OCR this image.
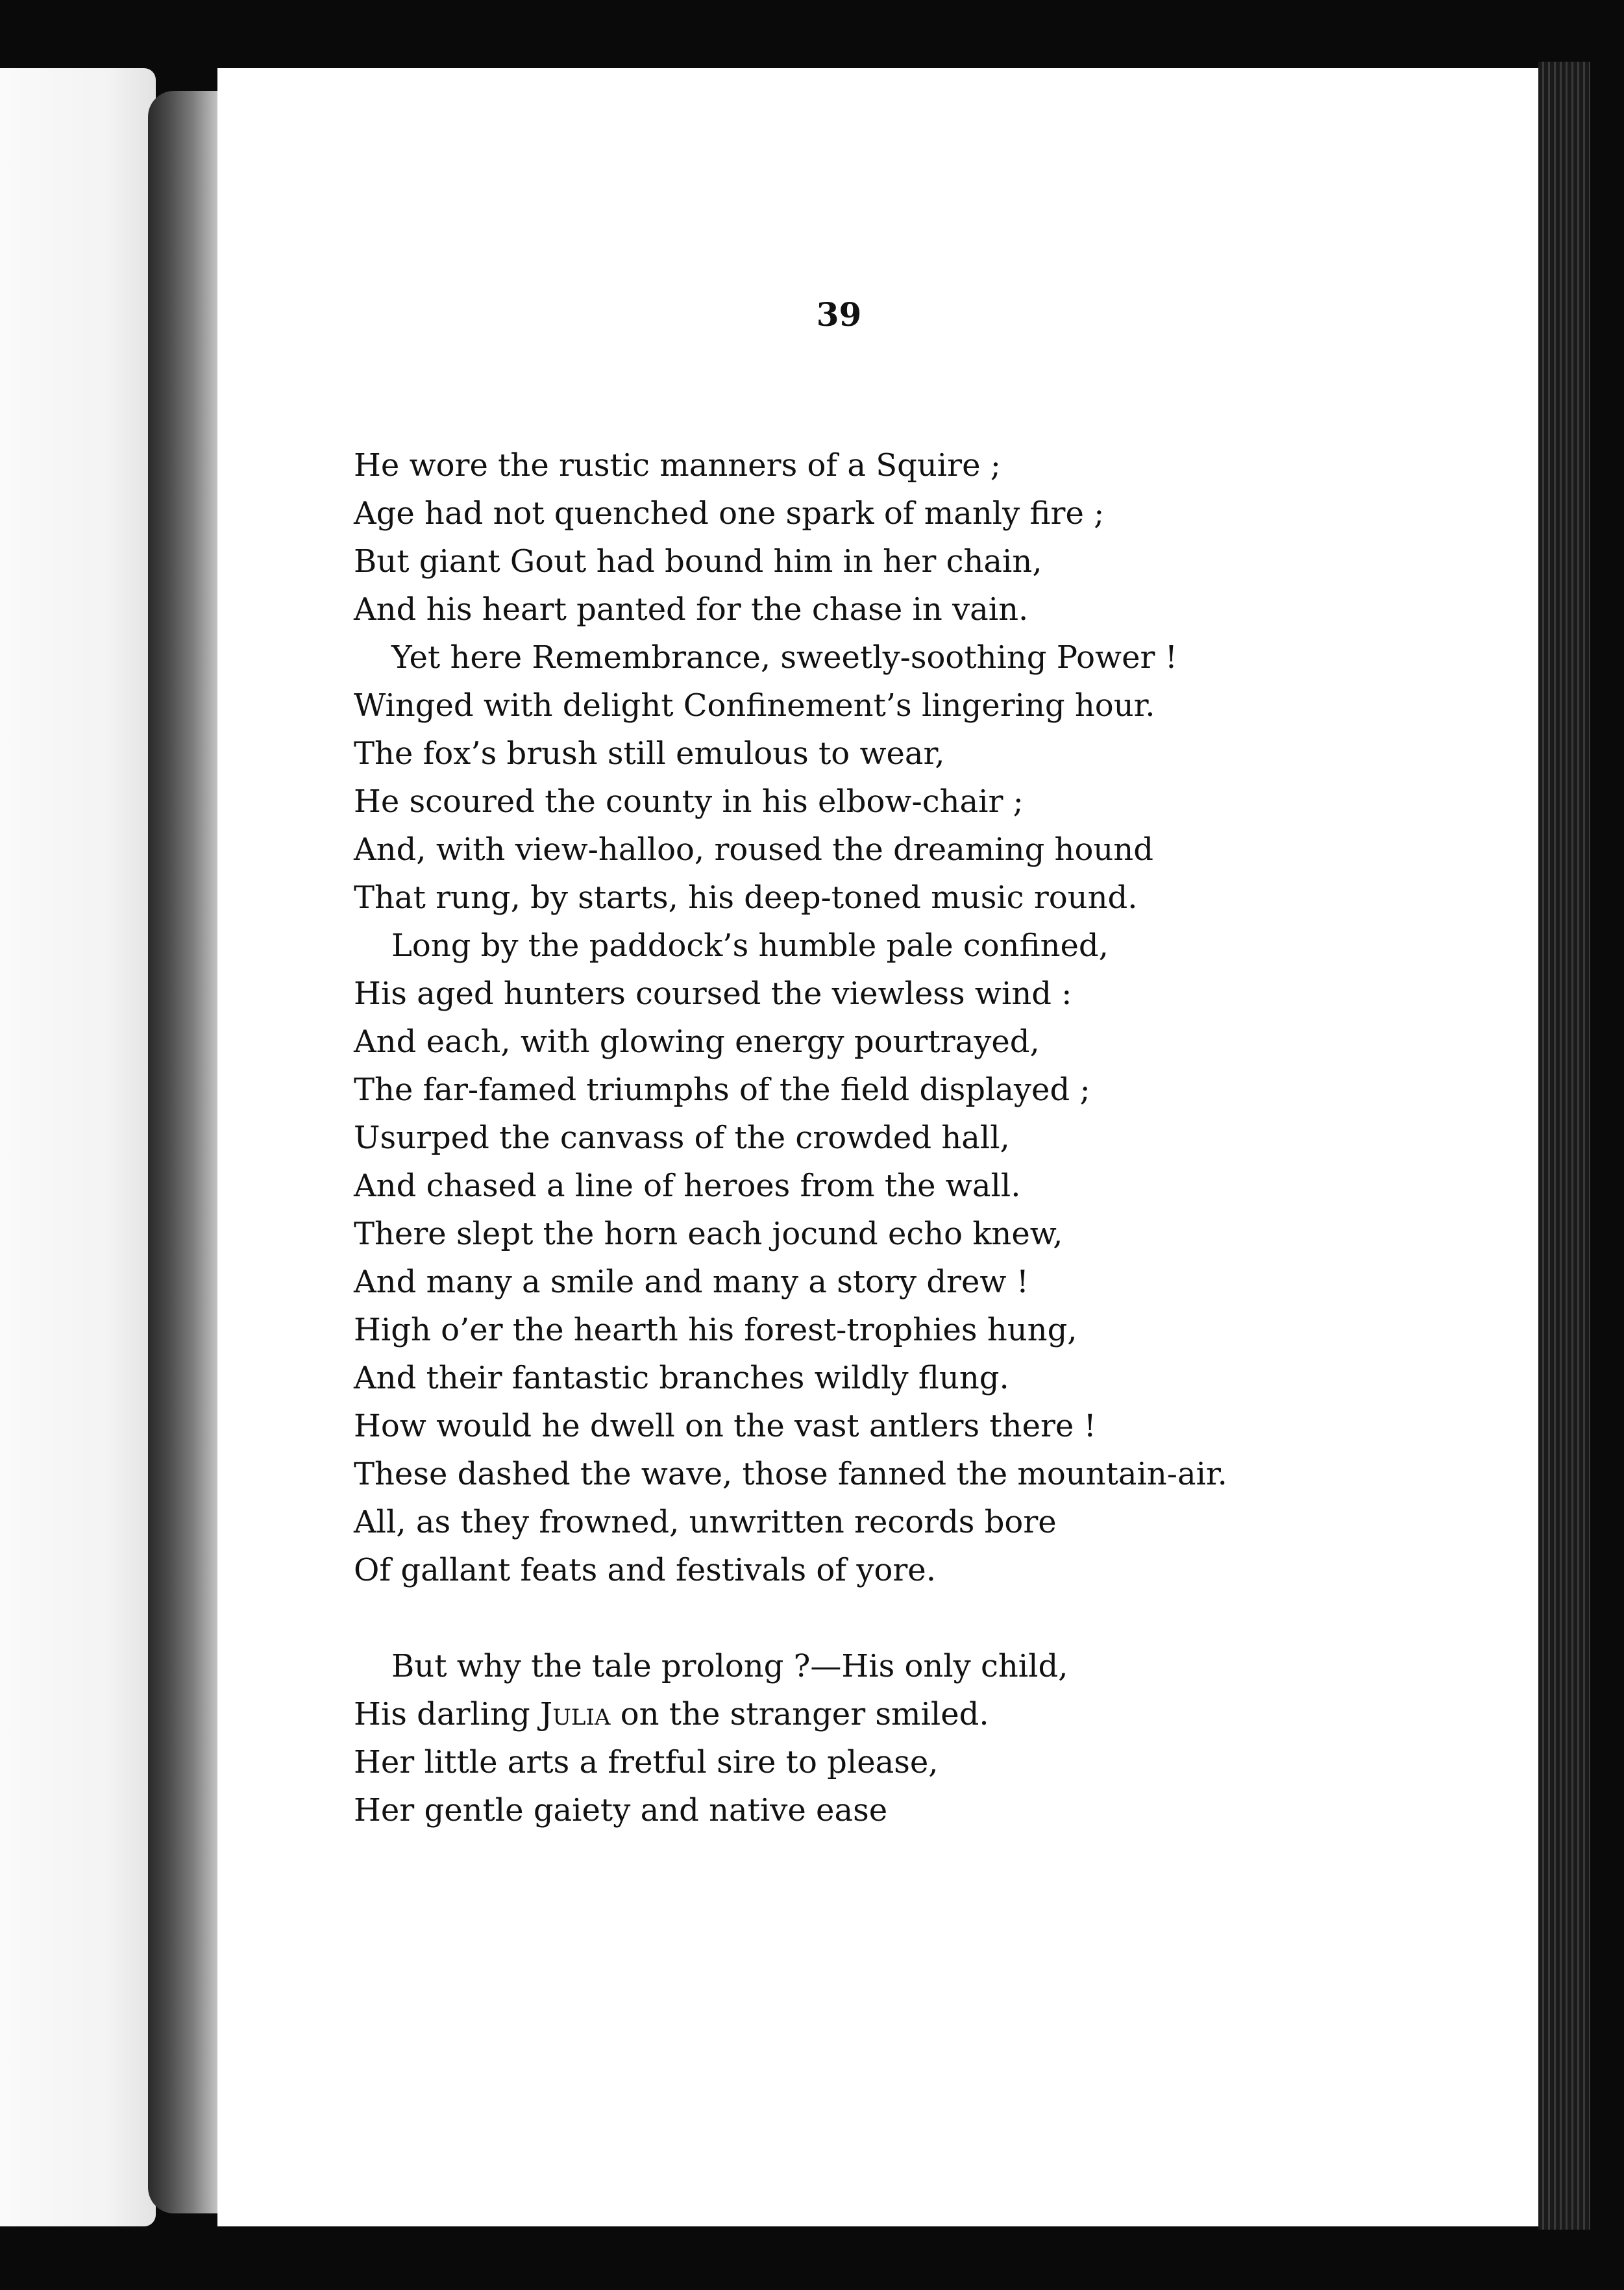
39
He wore the rustic manners of a Squire ;
Age had not quenched one spark of manly fire ;
But giant Gout had bound him in her chain,
And his heart panted for the chase in vain.
Yet here Remembrance, sweetly-soothing Power !
Winged with delight Confinement’s lingering hour.
The fox’s brush still emulous to wear,
He scoured the county in his elbow-chair ;
And, with view-halloo, roused the dreaming hound
That rung, by starts, his deep-toned music round.
Long by the paddock’s humble pale confined,
His aged hunters coursed the viewless wind :
And each, with glowing energy pourtrayed,
The far-famed triumphs of the field displayed ;
Usurped the canvass of the crowded hall,
And chased a line of heroes from the wall.
There slept the horn each jocund echo knew,
And many a smile and many a story drew !
High o’er the hearth his forest-trophies hung,
And their fantastic branches wildly flung.
How would he dwell on the vast antlers there !
These dashed the wave, those fanned the mountain-air.
All, as they frowned, unwritten records bore
Of gallant feats and festivals of yore.
But why the tale prolong ?—His only child,
His darling Julia on the stranger smiled.
Her little arts a fretful sire to please,
Her gentle gaiety and native ease
